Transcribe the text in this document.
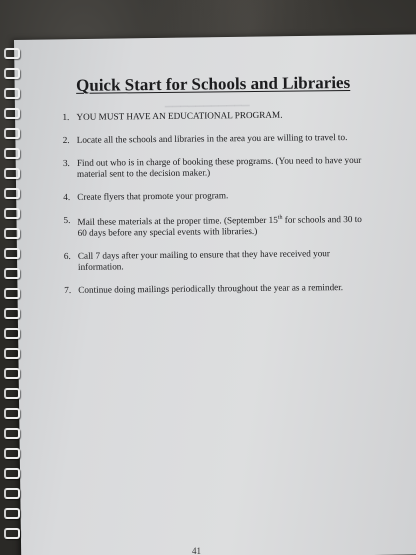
▁▁▁▁▁▁▁▁▁▁▁
Quick Start for Schools and Libraries
1. YOU MUST HAVE AN EDUCATIONAL PROGRAM.
2. Locate all the schools and libraries in the area you are willing to travel to.
3. Find out who is in charge of booking these programs. (You need to have your material sent to the decision maker.)
4. Create flyers that promote your program.
5. Mail these materials at the proper time. (September 15th for schools and 30 to 60 days before any special events with libraries.)
6. Call 7 days after your mailing to ensure that they have received your information.
7. Continue doing mailings periodically throughout the year as a reminder.
41
